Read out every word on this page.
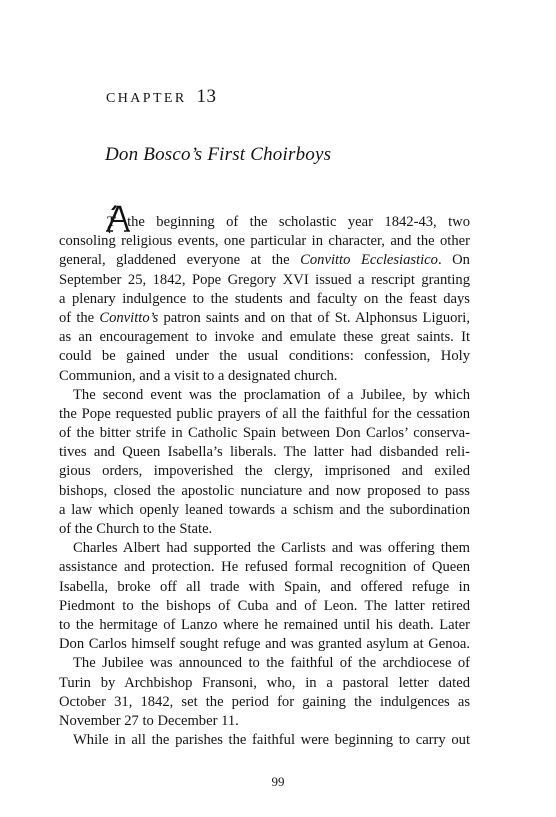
CHAPTER 13
Don Bosco’s First Choirboys
T the beginning of the scholastic year 1842-43, two
consoling religious events, one particular in character, and the other
general, gladdened everyone at the Convitto Ecclesiastico. On
September 25, 1842, Pope Gregory XVI issued a rescript granting
a plenary indulgence to the students and faculty on the feast days
of the Convitto’s patron saints and on that of St. Alphonsus Liguori,
as an encouragement to invoke and emulate these great saints. It
could be gained under the usual conditions: confession, Holy
Communion, and a visit to a designated church.
The second event was the proclamation of a Jubilee, by which
the Pope requested public prayers of all the faithful for the cessation
of the bitter strife in Catholic Spain between Don Carlos’ conserva-
tives and Queen Isabella’s liberals. The latter had disbanded reli-
gious orders, impoverished the clergy, imprisoned and exiled
bishops, closed the apostolic nunciature and now proposed to pass
a law which openly leaned towards a schism and the subordination
of the Church to the State.
Charles Albert had supported the Carlists and was offering them
assistance and protection. He refused formal recognition of Queen
Isabella, broke off all trade with Spain, and offered refuge in
Piedmont to the bishops of Cuba and of Leon. The latter retired
to the hermitage of Lanzo where he remained until his death. Later
Don Carlos himself sought refuge and was granted asylum at Genoa.
The Jubilee was announced to the faithful of the archdiocese of
Turin by Archbishop Fransoni, who, in a pastoral letter dated
October 31, 1842, set the period for gaining the indulgences as
November 27 to December 11.
While in all the parishes the faithful were beginning to carry out
99
